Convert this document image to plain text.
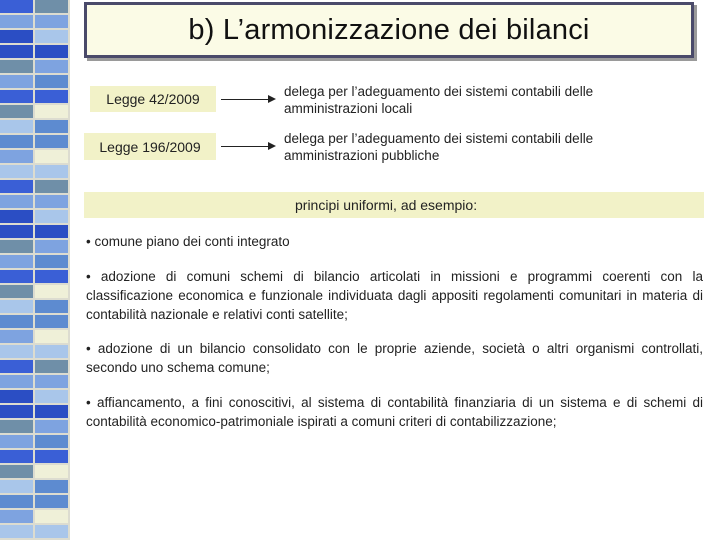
b) L’armonizzazione dei bilanci
Legge 42/2009	delega per l’adeguamento dei sistemi contabili delle amministrazioni locali
Legge 196/2009	delega per l’adeguamento dei sistemi contabili delle amministrazioni pubbliche
principi uniformi, ad esempio:
• comune piano dei conti integrato
• adozione di comuni schemi di bilancio articolati in missioni e programmi coerenti con la classificazione economica e funzionale individuata dagli appositi regolamenti comunitari in materia di contabilità nazionale e relativi conti satellite;
• adozione di un bilancio consolidato con le proprie aziende, società o altri organismi controllati, secondo uno schema comune;
• affiancamento, a fini conoscitivi, al sistema di contabilità finanziaria di un sistema e di schemi di contabilità economico-patrimoniale ispirati a comuni criteri di contabilizzazione;
